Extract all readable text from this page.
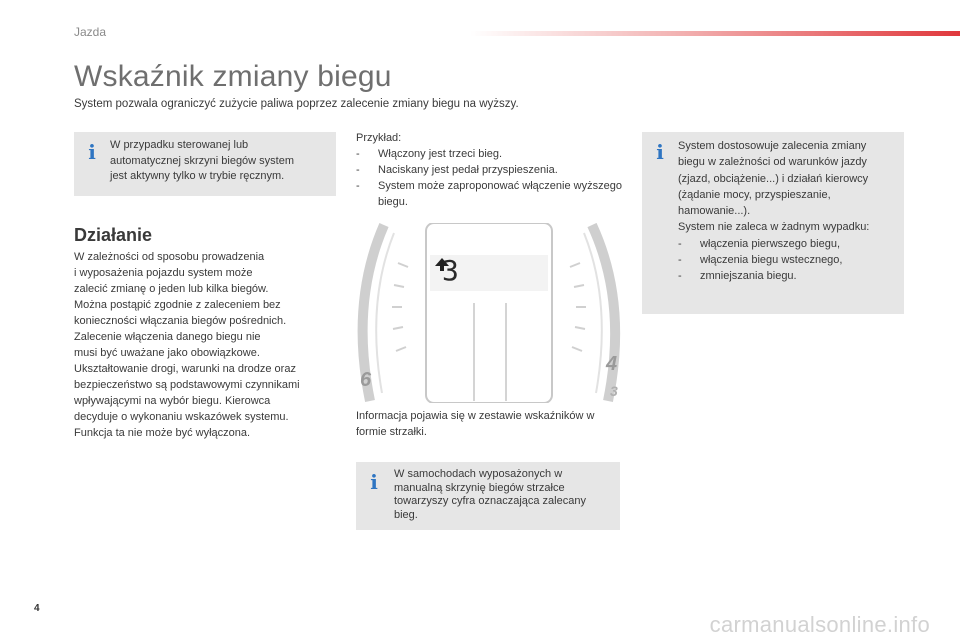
Jazda
Wskaźnik zmiany biegu
System pozwala ograniczyć zużycie paliwa poprzez zalecenie zmiany biegu na wyższy.
i W przypadku sterowanej lub
automatycznej skrzyni biegów system
jest aktywny tylko w trybie ręcznym.
Działanie
W zależności od sposobu prowadzenia
i wyposażenia pojazdu system może
zalecić zmianę o jeden lub kilka biegów.
Można postąpić zgodnie z zaleceniem bez
konieczności włączania biegów pośrednich.
Zalecenie włączenia danego biegu nie
musi być uważane jako obowiązkowe.
Ukształtowanie drogi, warunki na drodze oraz
bezpieczeństwo są podstawowymi czynnikami
wpływającymi na wybór biegu. Kierowca
decyduje o wykonaniu wskazówek systemu.
Funkcja ta nie może być wyłączona.
Przykład:
- Włączony jest trzeci bieg.
- Naciskany jest pedał przyspieszenia.
- System może zaproponować włączenie wyższego biegu.
3
6
4
3
Informacja pojawia się w zestawie wskaźników w formie strzałki.
i System dostosowuje zalecenia zmiany
biegu w zależności od warunków jazdy
(zjazd, obciążenie...) i działań kierowcy
(żądanie mocy, przyspieszanie,
hamowanie...).
System nie zaleca w żadnym wypadku:
- włączenia pierwszego biegu,
- włączenia biegu wstecznego,
- zmniejszania biegu.
i W samochodach wyposażonych w
manualną skrzynię biegów strzałce
towarzyszy cyfra oznaczająca zalecany
bieg.
4
carmanualsonline.info
